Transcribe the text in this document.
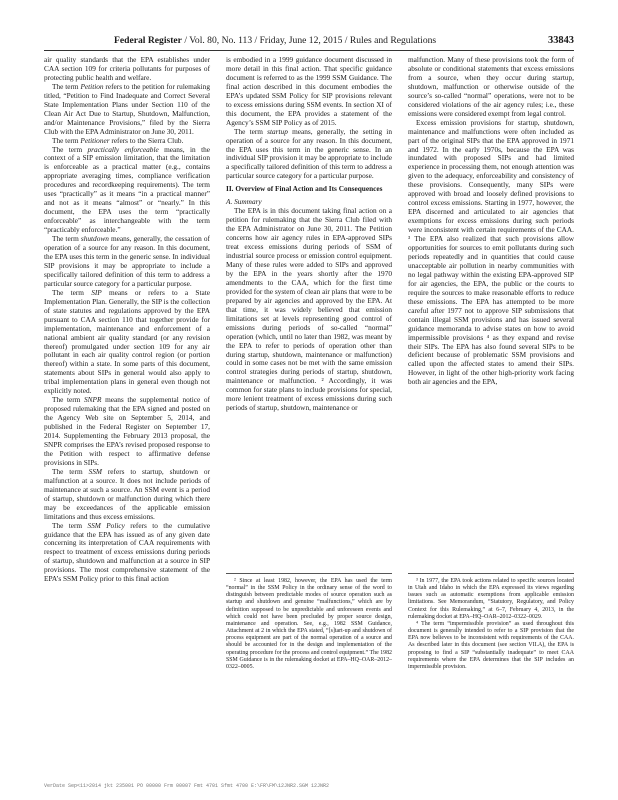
Federal Register / Vol. 80, No. 113 / Friday, June 12, 2015 / Rules and Regulations	33843

air quality standards that the EPA establishes under CAA section 109 for criteria pollutants for purposes of protecting public health and welfare.

The term Petition refers to the petition for rulemaking titled, “Petition to Find Inadequate and Correct Several State Implementation Plans under Section 110 of the Clean Air Act Due to Startup, Shutdown, Malfunction, and/or Maintenance Provisions,” filed by the Sierra Club with the EPA Administrator on June 30, 2011.

The term Petitioner refers to the Sierra Club.

The term practically enforceable means, in the context of a SIP emission limitation, that the limitation is enforceable as a practical matter (e.g., contains appropriate averaging times, compliance verification procedures and recordkeeping requirements). The term uses “practically” as it means “in a practical manner” and not as it means “almost” or “nearly.” In this document, the EPA uses the term “practically enforceable” as interchangeable with the term “practicably enforceable.”

The term shutdown means, generally, the cessation of operation of a source for any reason. In this document, the EPA uses this term in the generic sense. In individual SIP provisions it may be appropriate to include a specifically tailored definition of this term to address a particular source category for a particular purpose.

The term SIP means or refers to a State Implementation Plan. Generally, the SIP is the collection of state statutes and regulations approved by the EPA pursuant to CAA section 110 that together provide for implementation, maintenance and enforcement of a national ambient air quality standard (or any revision thereof) promulgated under section 109 for any air pollutant in each air quality control region (or portion thereof) within a state. In some parts of this document, statements about SIPs in general would also apply to tribal implementation plans in general even though not explicitly noted.

The term SNPR means the supplemental notice of proposed rulemaking that the EPA signed and posted on the Agency Web site on September 5, 2014, and published in the Federal Register on September 17, 2014. Supplementing the February 2013 proposal, the SNPR comprises the EPA’s revised proposed response to the Petition with respect to affirmative defense provisions in SIPs.

The term SSM refers to startup, shutdown or malfunction at a source. It does not include periods of maintenance at such a source. An SSM event is a period of startup, shutdown or malfunction during which there may be exceedances of the applicable emission limitations and thus excess emissions.

The term SSM Policy refers to the cumulative guidance that the EPA has issued as of any given date concerning its interpretation of CAA requirements with respect to treatment of excess emissions during periods of startup, shutdown and malfunction at a source in SIP provisions. The most comprehensive statement of the EPA’s SSM Policy prior to this final action

is embodied in a 1999 guidance document discussed in more detail in this final action. That specific guidance document is referred to as the 1999 SSM Guidance. The final action described in this document embodies the EPA’s updated SSM Policy for SIP provisions relevant to excess emissions during SSM events. In section XI of this document, the EPA provides a statement of the Agency’s SSM SIP Policy as of 2015.

The term startup means, generally, the setting in operation of a source for any reason. In this document, the EPA uses this term in the generic sense. In an individual SIP provision it may be appropriate to include a specifically tailored definition of this term to address a particular source category for a particular purpose.

II. Overview of Final Action and Its Consequences
A. Summary

The EPA is in this document taking final action on a petition for rulemaking that the Sierra Club filed with the EPA Administrator on June 30, 2011. The Petition concerns how air agency rules in EPA-approved SIPs treat excess emissions during periods of SSM of industrial source process or emission control equipment. Many of these rules were added to SIPs and approved by the EPA in the years shortly after the 1970 amendments to the CAA, which for the first time provided for the system of clean air plans that were to be prepared by air agencies and approved by the EPA. At that time, it was widely believed that emission limitations set at levels representing good control of emissions during periods of so-called “normal” operation (which, until no later than 1982, was meant by the EPA to refer to periods of operation other than during startup, shutdown, maintenance or malfunction) could in some cases not be met with the same emission control strategies during periods of startup, shutdown, maintenance or malfunction. ² Accordingly, it was common for state plans to include provisions for special, more lenient treatment of excess emissions during such periods of startup, shutdown, maintenance or

malfunction. Many of these provisions took the form of absolute or conditional statements that excess emissions from a source, when they occur during startup, shutdown, malfunction or otherwise outside of the source’s so-called “normal” operations, were not to be considered violations of the air agency rules; i.e., these emissions were considered exempt from legal control.

Excess emission provisions for startup, shutdown, maintenance and malfunctions were often included as part of the original SIPs that the EPA approved in 1971 and 1972. In the early 1970s, because the EPA was inundated with proposed SIPs and had limited experience in processing them, not enough attention was given to the adequacy, enforceability and consistency of these provisions. Consequently, many SIPs were approved with broad and loosely defined provisions to control excess emissions. Starting in 1977, however, the EPA discerned and articulated to air agencies that exemptions for excess emissions during such periods were inconsistent with certain requirements of the CAA. ³ The EPA also realized that such provisions allow opportunities for sources to emit pollutants during such periods repeatedly and in quantities that could cause unacceptable air pollution in nearby communities with no legal pathway within the existing EPA-approved SIP for air agencies, the EPA, the public or the courts to require the sources to make reasonable efforts to reduce these emissions. The EPA has attempted to be more careful after 1977 not to approve SIP submissions that contain illegal SSM provisions and has issued several guidance memoranda to advise states on how to avoid impermissible provisions ⁴ as they expand and revise their SIPs. The EPA has also found several SIPs to be deficient because of problematic SSM provisions and called upon the affected states to amend their SIPs. However, in light of the other high-priority work facing both air agencies and the EPA,

² Since at least 1982, however, the EPA has used the term “normal” in the SSM Policy in the ordinary sense of the word to distinguish between predictable modes of source operation such as startup and shutdown and genuine “malfunctions,” which are by definition supposed to be unpredictable and unforeseen events and which could not have been precluded by proper source design, maintenance and operation. See, e.g., 1982 SSM Guidance, Attachment at 2 in which the EPA stated, “[s]tart-up and shutdown of process equipment are part of the normal operation of a source and should be accounted for in the design and implementation of the operating procedure for the process and control equipment.” The 1982 SSM Guidance is in the rulemaking docket at EPA–HQ–OAR–2012–0322–0005.

³ In 1977, the EPA took actions related to specific sources located in Utah and Idaho in which the EPA expressed its views regarding issues such as automatic exemptions from applicable emission limitations. See Memorandum, “Statutory, Regulatory, and Policy Context for this Rulemaking,” at 6–7, February 4, 2013, in the rulemaking docket at EPA–HQ–OAR–2012–0322–0029.

⁴ The term “impermissible provision” as used throughout this document is generally intended to refer to a SIP provision that the EPA now believes to be inconsistent with requirements of the CAA. As described later in this document (see section VII.A), the EPA is proposing to find a SIP “substantially inadequate” to meet CAA requirements where the EPA determines that the SIP includes an impermissible provision.

VerDate Sep<11>2014 jkt 235001 PO 00000 Frm 00007 Fmt 4701 Sfmt 4700 E:\FR\FM\12JNR2.SGM 12JNR2
